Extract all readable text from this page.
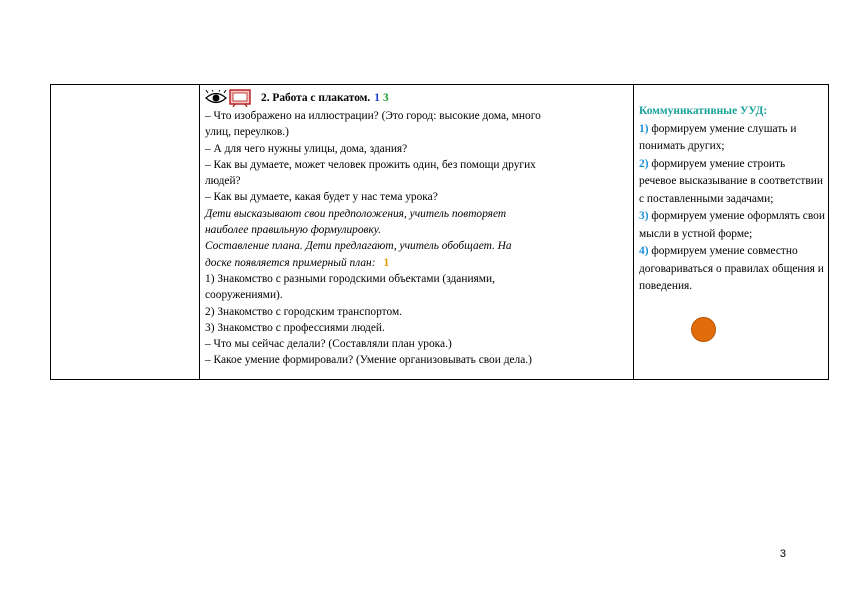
2. Работа с плакатом. 1 3

– Что изображено на иллюстрации? (Это город: высокие дома, много

улиц, переулков.)

– А для чего нужны улицы, дома, здания?

– Как вы думаете, может человек прожить один, без помощи других

людей?

– Как вы думаете, какая будет у нас тема урока?

Дети высказывают свои предположения, учитель повторяет

наиболее правильную формулировку.

Составление плана. Дети предлагают, учитель обобщает. На

доске появляется примерный план: 1

1) Знакомство с разными городскими объектами (зданиями,

сооружениями).

2) Знакомство с городским транспортом.

3) Знакомство с профессиями людей.

– Что мы сейчас делали? (Составляли план урока.)

– Какое умение формировали? (Умение организовывать свои дела.)

Коммуникативные УУД:

1) формируем умение слушать и понимать других;

2) формируем умение строить речевое высказывание в соответствии с поставленными задачами;

3) формируем умение оформлять свои мысли в устной форме;

4) формируем умение совместно договариваться о правилах общения и поведения.

3
